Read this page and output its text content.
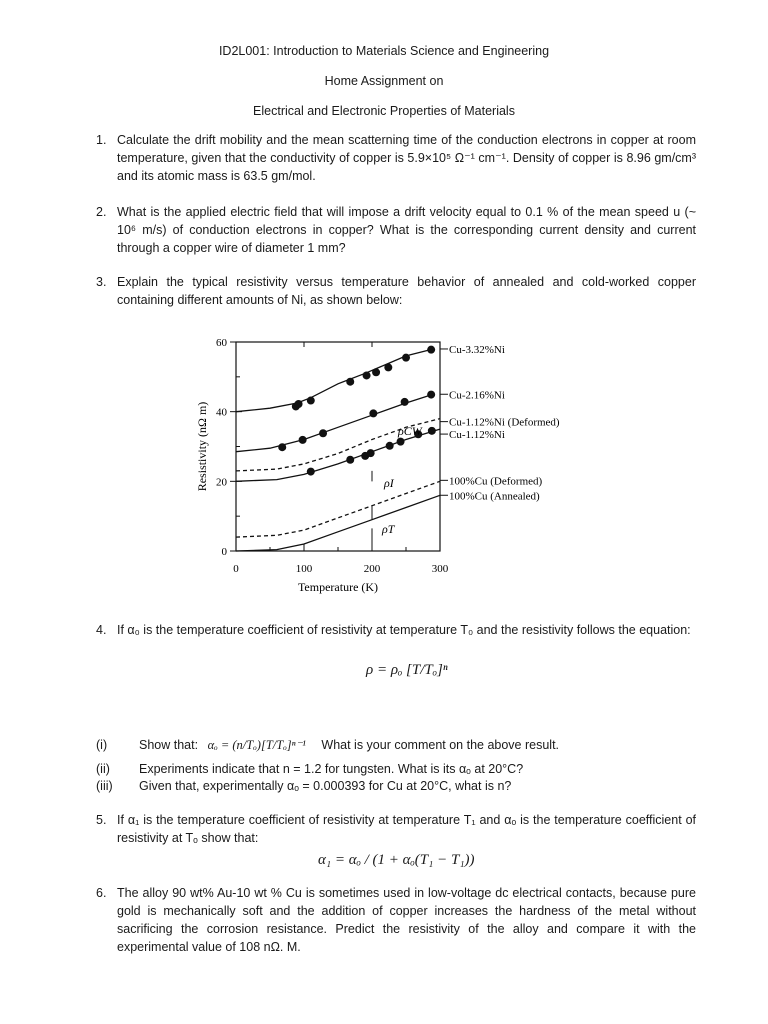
ID2L001: Introduction to Materials Science and Engineering
Home Assignment on
Electrical and Electronic Properties of Materials
1. Calculate the drift mobility and the mean scatterning time of the conduction electrons in copper at room temperature, given that the conductivity of copper is 5.9×10⁵ Ω⁻¹ cm⁻¹. Density of copper is 8.96 gm/cm³ and its atomic mass is 63.5 gm/mol.
2. What is the applied electric field that will impose a drift velocity equal to 0.1 % of the mean speed u (~ 10⁶ m/s) of conduction electrons in copper? What is the corresponding current density and current through a copper wire of diameter 1 mm?
3. Explain the typical resistivity versus temperature behavior of annealed and cold-worked copper containing different amounts of Ni, as shown below:
0	100	200	300
0
20
40
60
Temperature (K)
Resistivity (nΩ m)
Cu-3.32%Ni
Cu-2.16%Ni
Cu-1.12%Ni (Deformed)
Cu-1.12%Ni
100%Cu (Deformed)
100%Cu (Annealed)
ρCW
ρI
ρT
4. If α₀ is the temperature coefficient of resistivity at temperature T₀ and the resistivity follows the equation:
ρ = ρₒ [T/Tₒ]ⁿ
(i)	Show that: αₒ = (n/Tₒ)[T/Tₒ]ⁿ⁻¹ What is your comment on the above result.
(ii) Experiments indicate that n = 1.2 for tungsten. What is its αₒ at 20°C?
(iii) Given that, experimentally αₒ = 0.000393 for Cu at 20°C, what is n?
5. If α₁ is the temperature coefficient of resistivity at temperature T₁ and αₒ is the temperature coefficient of resistivity at Tₒ show that:
α₁ = αₒ / (1 + αₒ(T₁ − T₁))
6. The alloy 90 wt% Au-10 wt % Cu is sometimes used in low-voltage dc electrical contacts, because pure gold is mechanically soft and the addition of copper increases the hardness of the metal without sacrificing the corrosion resistance. Predict the resistivity of the alloy and compare it with the experimental value of 108 nΩ. M.
